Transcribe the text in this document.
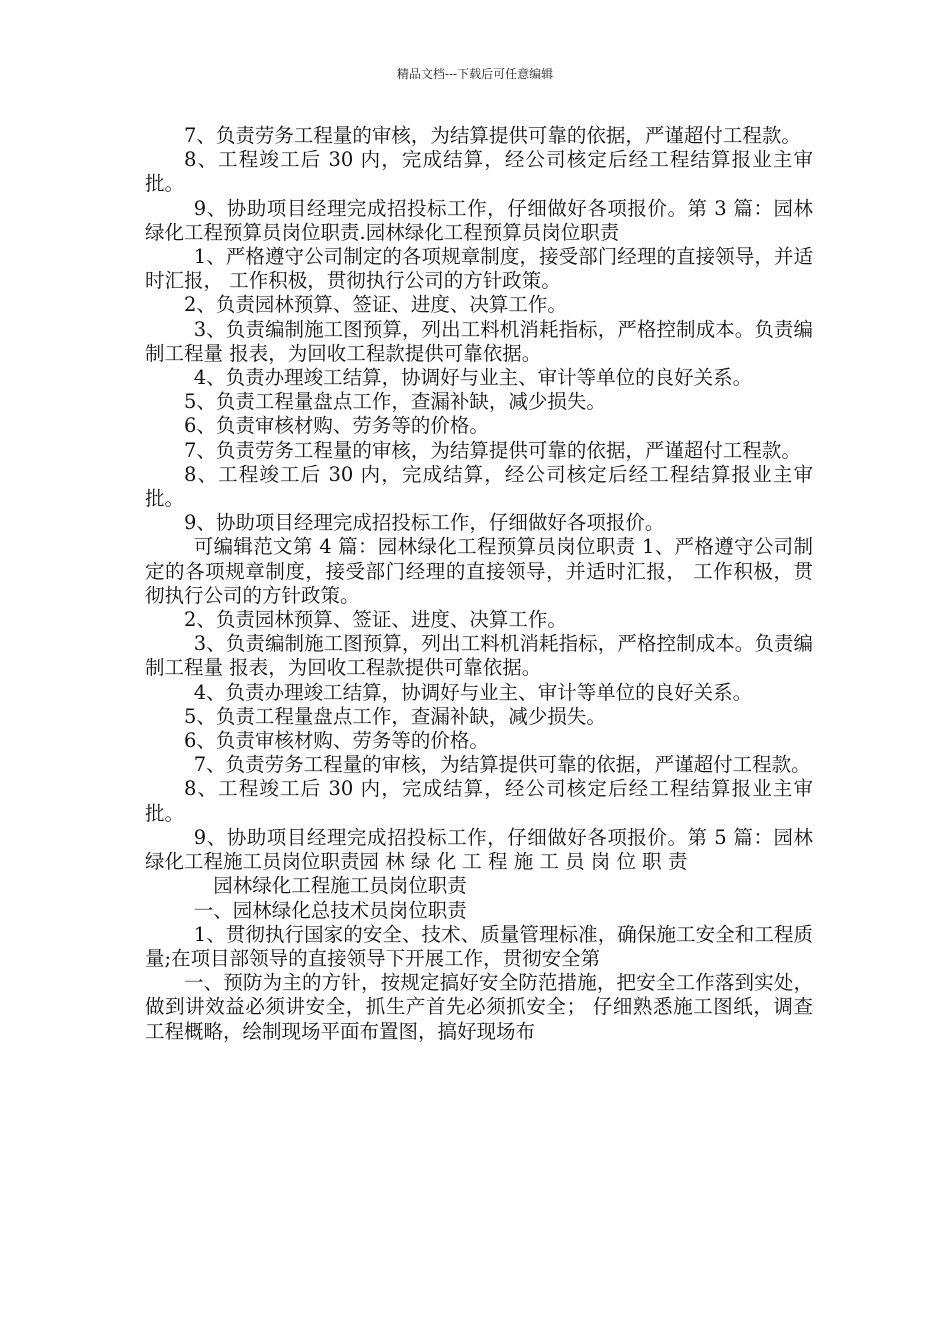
精品文档---下载后可任意编辑

7、负责劳务工程量的审核，为结算提供可靠的依据，严谨超付工程款。

8、工程竣工后 30 内，完成结算，经公司核定后经工程结算报业主审批。

9、协助项目经理完成招投标工作，仔细做好各项报价。第 3 篇：园林绿化工程预算员岗位职责.园林绿化工程预算员岗位职责

1、严格遵守公司制定的各项规章制度，接受部门经理的直接领导，并适时汇报， 工作积极，贯彻执行公司的方针政策。

2、负责园林预算、签证、进度、决算工作。

3、负责编制施工图预算，列出工料机消耗指标，严格控制成本。负责编制工程量 报表，为回收工程款提供可靠依据。

4、负责办理竣工结算，协调好与业主、审计等单位的良好关系。

5、负责工程量盘点工作，查漏补缺，减少损失。

6、负责审核材购、劳务等的价格。

7、负责劳务工程量的审核，为结算提供可靠的依据，严谨超付工程款。

8、工程竣工后 30 内，完成结算，经公司核定后经工程结算报业主审批。

9、协助项目经理完成招投标工作，仔细做好各项报价。

可编辑范文第 4 篇：园林绿化工程预算员岗位职责 1、严格遵守公司制定的各项规章制度，接受部门经理的直接领导，并适时汇报， 工作积极，贯彻执行公司的方针政策。

2、负责园林预算、签证、进度、决算工作。

3、负责编制施工图预算，列出工料机消耗指标，严格控制成本。负责编制工程量 报表，为回收工程款提供可靠依据。

4、负责办理竣工结算，协调好与业主、审计等单位的良好关系。

5、负责工程量盘点工作，查漏补缺，减少损失。

6、负责审核材购、劳务等的价格。

7、负责劳务工程量的审核，为结算提供可靠的依据，严谨超付工程款。

8、工程竣工后 30 内，完成结算，经公司核定后经工程结算报业主审批。

9、协助项目经理完成招投标工作，仔细做好各项报价。第 5 篇：园林绿化工程施工员岗位职责园 林 绿 化 工 程 施 工 员 岗 位 职 责

园林绿化工程施工员岗位职责

一、园林绿化总技术员岗位职责

1、贯彻执行国家的安全、技术、质量管理标准，确保施工安全和工程质量;在项目部领导的直接领导下开展工作，贯彻安全第

一、预防为主的方针，按规定搞好安全防范措施，把安全工作落到实处，做到讲效益必须讲安全，抓生产首先必须抓安全； 仔细熟悉施工图纸，调查工程概略，绘制现场平面布置图，搞好现场布
